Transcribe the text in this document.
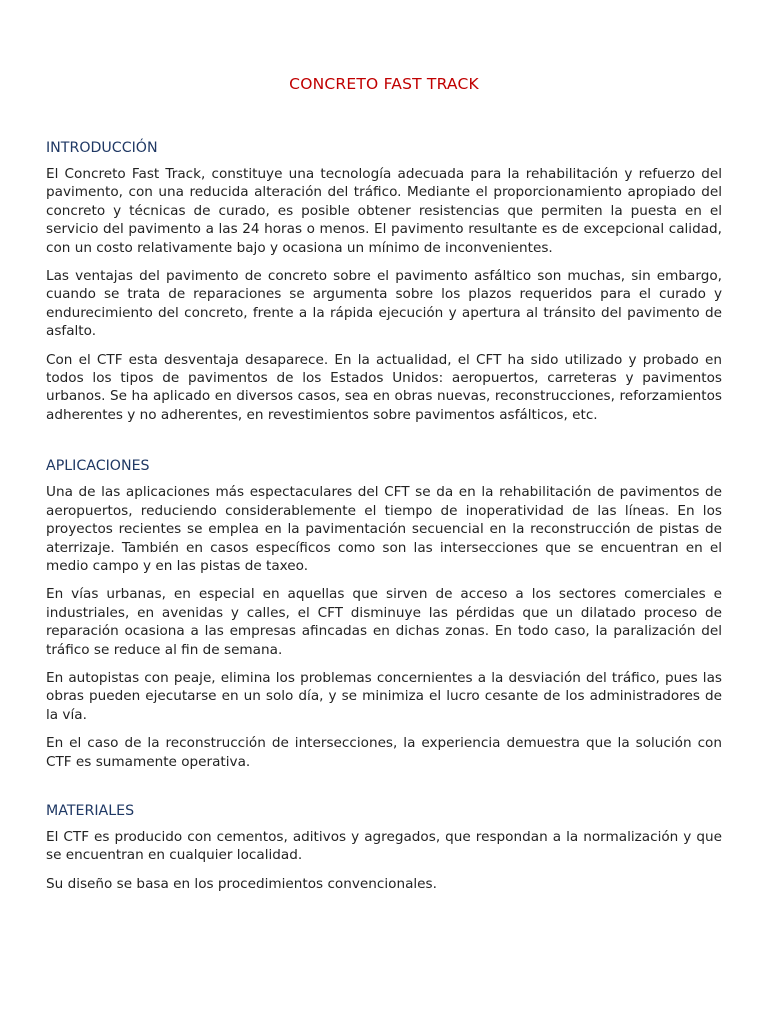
CONCRETO FAST TRACK
INTRODUCCIÓN

El Concreto Fast Track, constituye una tecnología adecuada para la rehabilitación y refuerzo del pavimento, con una reducida alteración del tráfico. Mediante el proporcionamiento apropiado del concreto y técnicas de curado, es posible obtener resistencias que permiten la puesta en el servicio del pavimento a las 24 horas o menos. El pavimento resultante es de excepcional calidad, con un costo relativamente bajo y ocasiona un mínimo de inconvenientes.

Las ventajas del pavimento de concreto sobre el pavimento asfáltico son muchas, sin embargo, cuando se trata de reparaciones se argumenta sobre los plazos requeridos para el curado y endurecimiento del concreto, frente a la rápida ejecución y apertura al tránsito del pavimento de asfalto.

Con el CTF esta desventaja desaparece. En la actualidad, el CFT ha sido utilizado y probado en todos los tipos de pavimentos de los Estados Unidos: aeropuertos, carreteras y pavimentos urbanos. Se ha aplicado en diversos casos, sea en obras nuevas, reconstrucciones, reforzamientos adherentes y no adherentes, en revestimientos sobre pavimentos asfálticos, etc.

APLICACIONES

Una de las aplicaciones más espectaculares del CFT se da en la rehabilitación de pavimentos de aeropuertos, reduciendo considerablemente el tiempo de inoperatividad de las líneas. En los proyectos recientes se emplea en la pavimentación secuencial en la reconstrucción de pistas de aterrizaje. También en casos específicos como son las intersecciones que se encuentran en el medio campo y en las pistas de taxeo.

En vías urbanas, en especial en aquellas que sirven de acceso a los sectores comerciales e industriales, en avenidas y calles, el CFT disminuye las pérdidas que un dilatado proceso de reparación ocasiona a las empresas afincadas en dichas zonas. En todo caso, la paralización del tráfico se reduce al fin de semana.

En autopistas con peaje, elimina los problemas concernientes a la desviación del tráfico, pues las obras pueden ejecutarse en un solo día, y se minimiza el lucro cesante de los administradores de la vía.

En el caso de la reconstrucción de intersecciones, la experiencia demuestra que la solución con CTF es sumamente operativa.

MATERIALES

El CTF es producido con cementos, aditivos y agregados, que respondan a la normalización y que se encuentran en cualquier localidad.

Su diseño se basa en los procedimientos convencionales.
